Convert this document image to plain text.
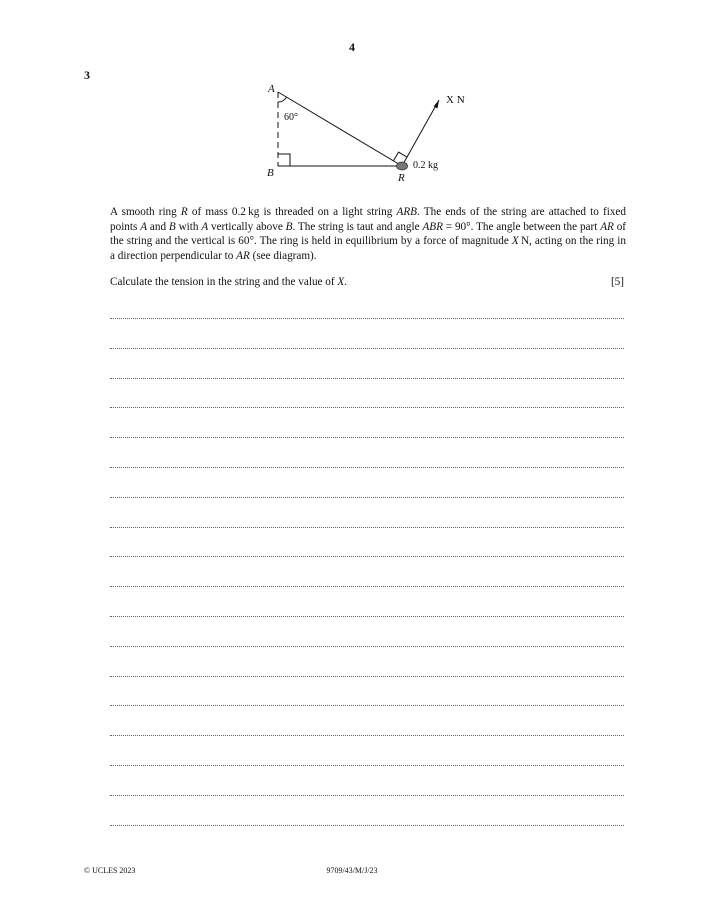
4
3
A
B	R
60°
X N
0.2 kg
A smooth ring R of mass 0.2 kg is threaded on a light string ARB. The ends of the string are attached to fixed points A and B with A vertically above B. The string is taut and angle ABR = 90°. The angle between the part AR of the string and the vertical is 60°. The ring is held in equilibrium by a force of magnitude X N, acting on the ring in a direction perpendicular to AR (see diagram).
Calculate the tension in the string and the value of X.	[5]
© UCLES 2023	9709/43/M/J/23
